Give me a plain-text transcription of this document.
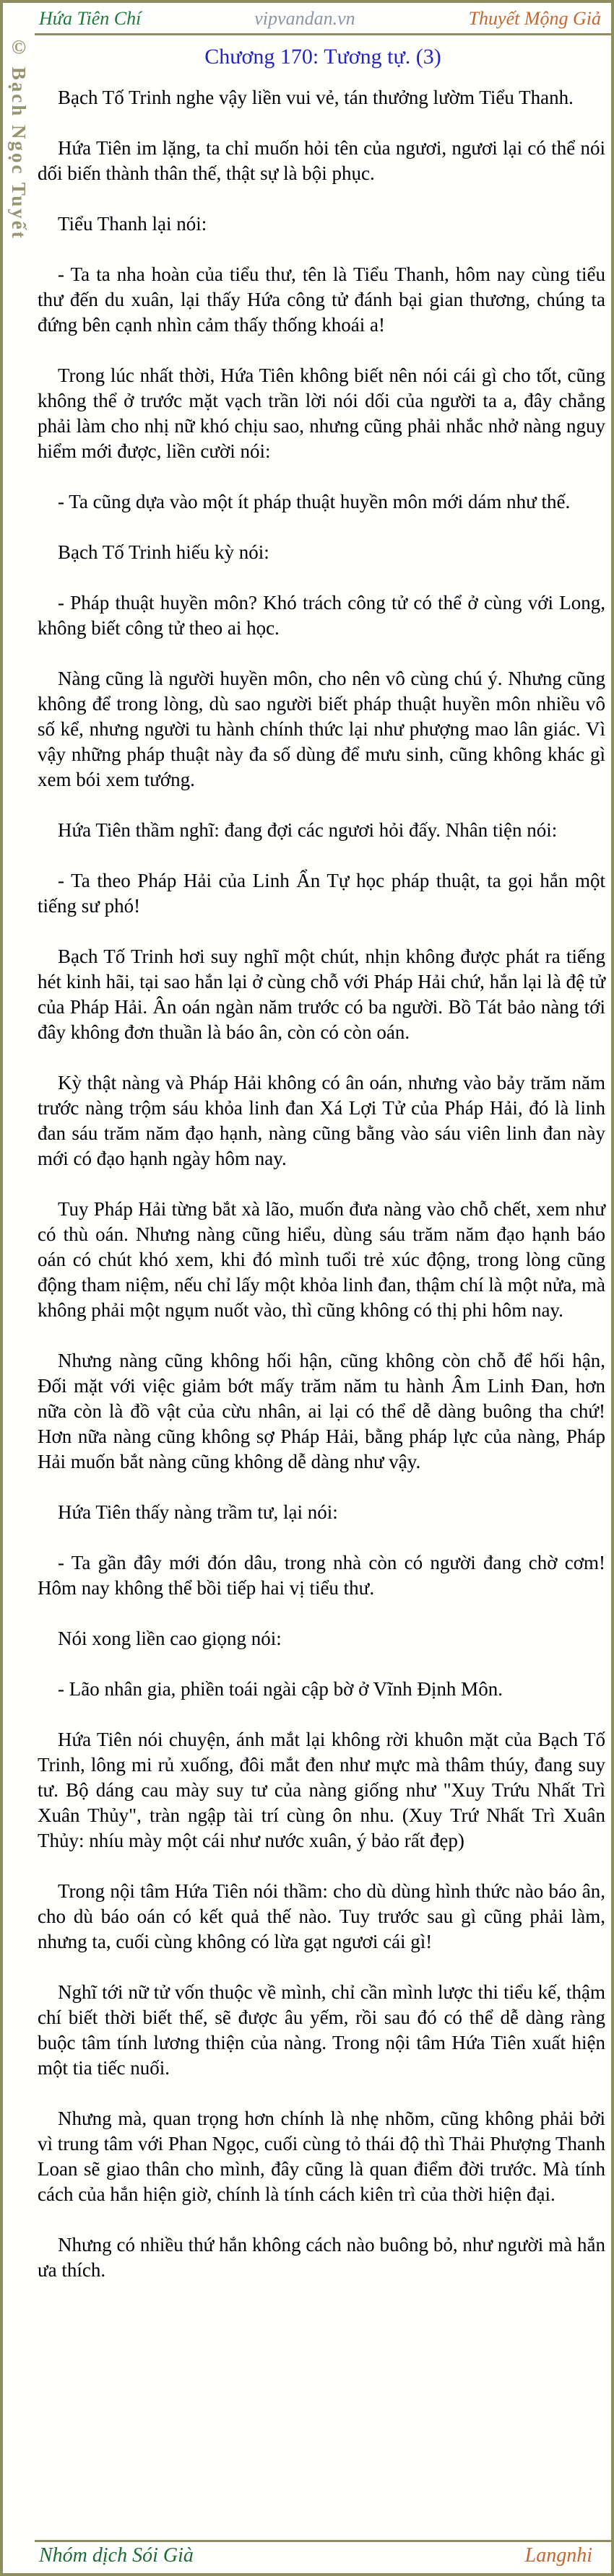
Hứa Tiên Chí	vipvandan.vn	Thuyết Mộng Giả
Chương 170: Tương tự. (3)
© Bạch Ngọc Tuyết	Bạch Tố Trinh nghe vậy liền vui vẻ, tán thưởng lườm Tiểu Thanh.

Hứa Tiên im lặng, ta chỉ muốn hỏi tên của ngươi, ngươi lại có thể nói dối biến thành thân thế, thật sự là bội phục.

Tiểu Thanh lại nói:

- Ta ta nha hoàn của tiểu thư, tên là Tiểu Thanh, hôm nay cùng tiểu thư đến du xuân, lại thấy Hứa công tử đánh bại gian thương, chúng ta đứng bên cạnh nhìn cảm thấy thống khoái a!

Trong lúc nhất thời, Hứa Tiên không biết nên nói cái gì cho tốt, cũng không thể ở trước mặt vạch trần lời nói dối của người ta a, đây chẳng phải làm cho nhị nữ khó chịu sao, nhưng cũng phải nhắc nhở nàng nguy hiểm mới được, liền cười nói:

- Ta cũng dựa vào một ít pháp thuật huyền môn mới dám như thế.

Bạch Tố Trinh hiếu kỳ nói:

- Pháp thuật huyền môn? Khó trách công tử có thể ở cùng với Long, không biết công tử theo ai học.

Nàng cũng là người huyền môn, cho nên vô cùng chú ý. Nhưng cũng không để trong lòng, dù sao người biết pháp thuật huyền môn nhiều vô số kể, nhưng người tu hành chính thức lại như phượng mao lân giác. Vì vậy những pháp thuật này đa số dùng để mưu sinh, cũng không khác gì xem bói xem tướng.

Hứa Tiên thầm nghĩ: đang đợi các ngươi hỏi đấy. Nhân tiện nói:

- Ta theo Pháp Hải của Linh Ẩn Tự học pháp thuật, ta gọi hắn một tiếng sư phó!

Bạch Tố Trinh hơi suy nghĩ một chút, nhịn không được phát ra tiếng hét kinh hãi, tại sao hắn lại ở cùng chỗ với Pháp Hải chứ, hắn lại là đệ tử của Pháp Hải. Ân oán ngàn năm trước có ba người. Bồ Tát bảo nàng tới đây không đơn thuần là báo ân, còn có còn oán.

Kỳ thật nàng và Pháp Hải không có ân oán, nhưng vào bảy trăm năm trước nàng trộm sáu khỏa linh đan Xá Lợi Tử của Pháp Hải, đó là linh đan sáu trăm năm đạo hạnh, nàng cũng bằng vào sáu viên linh đan này mới có đạo hạnh ngày hôm nay.

Tuy Pháp Hải từng bắt xà lão, muốn đưa nàng vào chỗ chết, xem như có thù oán. Nhưng nàng cũng hiểu, dùng sáu trăm năm đạo hạnh báo oán có chút khó xem, khi đó mình tuổi trẻ xúc động, trong lòng cũng động tham niệm, nếu chỉ lấy một khỏa linh đan, thậm chí là một nửa, mà không phải một ngụm nuốt vào, thì cũng không có thị phi hôm nay.

Nhưng nàng cũng không hối hận, cũng không còn chỗ để hối hận, Đối mặt với việc giảm bớt mấy trăm năm tu hành Âm Linh Đan, hơn nữa còn là đồ vật của cừu nhân, ai lại có thể dễ dàng buông tha chứ! Hơn nữa nàng cũng không sợ Pháp Hải, bằng pháp lực của nàng, Pháp Hải muốn bắt nàng cũng không dễ dàng như vậy.

Hứa Tiên thấy nàng trầm tư, lại nói:

- Ta gần đây mới đón dâu, trong nhà còn có người đang chờ cơm! Hôm nay không thể bồi tiếp hai vị tiểu thư.

Nói xong liền cao giọng nói:

- Lão nhân gia, phiền toái ngài cập bờ ở Vĩnh Định Môn.

Hứa Tiên nói chuyện, ánh mắt lại không rời khuôn mặt của Bạch Tố Trinh, lông mi rủ xuống, đôi mắt đen như mực mà thâm thúy, đang suy tư. Bộ dáng cau mày suy tư của nàng giống như "Xuy Trứu Nhất Trì Xuân Thủy", tràn ngập tài trí cùng ôn nhu. (Xuy Trứ Nhất Trì Xuân Thủy: nhíu mày một cái như nước xuân, ý bảo rất đẹp)

Trong nội tâm Hứa Tiên nói thầm: cho dù dùng hình thức nào báo ân, cho dù báo oán có kết quả thế nào. Tuy trước sau gì cũng phải làm, nhưng ta, cuối cùng không có lừa gạt ngươi cái gì!

Nghĩ tới nữ tử vốn thuộc về mình, chỉ cần mình lược thi tiểu kế, thậm chí biết thời biết thế, sẽ được âu yếm, rồi sau đó có thể dễ dàng ràng buộc tâm tính lương thiện của nàng. Trong nội tâm Hứa Tiên xuất hiện một tia tiếc nuối.

Nhưng mà, quan trọng hơn chính là nhẹ nhõm, cũng không phải bởi vì trung tâm với Phan Ngọc, cuối cùng tỏ thái độ thì Thải Phượng Thanh Loan sẽ giao thân cho mình, đây cũng là quan điểm đời trước. Mà tính cách của hắn hiện giờ, chính là tính cách kiên trì của thời hiện đại.

Nhưng có nhiều thứ hắn không cách nào buông bỏ, như người mà hắn ưa thích.

Nhóm dịch Sói Già	Langnhi
